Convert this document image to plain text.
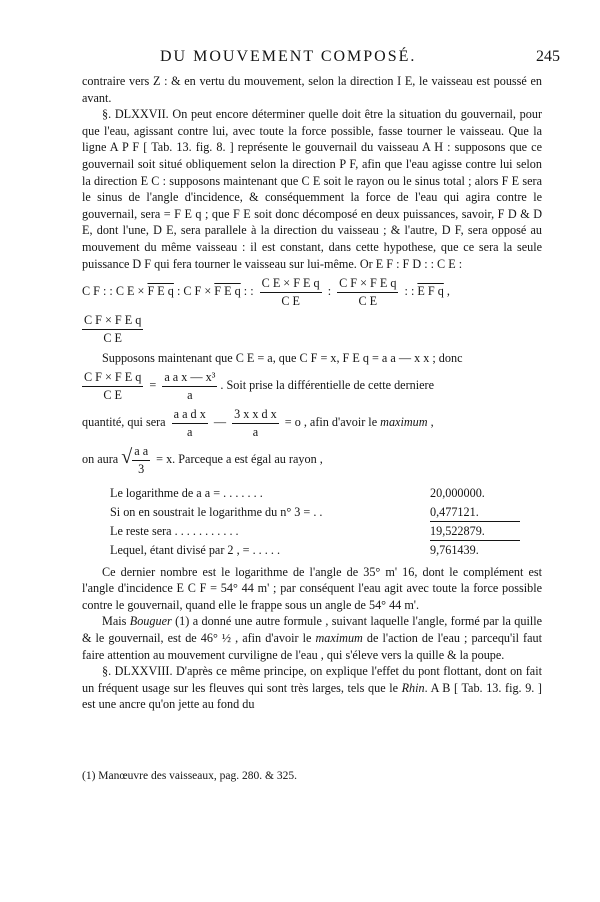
DU MOUVEMENT COMPOSÉ.	245

contraire vers Z : & en vertu du mouvement, selon la direction I E, le vaisseau est poussé en avant.

§. DLXXVII. On peut encore déterminer quelle doit être la situation du gouvernail, pour que l'eau, agissant contre lui, avec toute la force possible, fasse tourner le vaisseau. Que la ligne A P F [ Tab. 13. fig. 8. ] représente le gouvernail du vaisseau A H : supposons que ce gouvernail soit situé obliquement selon la direction P F, afin que l'eau agisse contre lui selon la direction E C : supposons maintenant que C E soit le rayon ou le sinus total ; alors F E sera le sinus de l'angle d'incidence, & conséquemment la force de l'eau qui agira contre le gouvernail, sera = F E q ; que F E soit donc décomposé en deux puissances, savoir, F D & D E, dont l'une, D E, sera parallele à la direction du vaisseau ; & l'autre, D F, sera opposé au mouvement du même vaisseau : il est constant, dans cette hypothese, que ce sera la seule puissance D F qui fera tourner le vaisseau sur lui-même. Or E F : F D : : C E :

C F : : C E × F E q : C F × F E q : : $\frac{\text{C E × F E q}}{\text{C E}}$ : $\frac{\text{C F × F E q}}{\text{C E}}$ : : E F q ,
$\frac{\text{C F × F E q}}{\text{C E}}$

Supposons maintenant que C E = a, que C F = x, F E q = a a — x x ; donc

$\frac{\text{C F × F E q}}{\text{C E}} = \frac{\text{a a x — x³}}{a}$ . Soit prise la différentielle de cette derniere
quantité, qui sera $\frac{\text{a a d x}}{a}$ — $\frac{\text{3 x x d x}}{a} = o$ , afin d'avoir le maximum ,
on aura √ $\frac{\text{a a}}{3} = x$. Parceque a est égal au rayon ,
Le logarithme de a a = . . . . . . .	20,000000.
Si on en soustrait le logarithme du n° 3 = . .	0,477121.
Le reste sera . . . . . . . . . . .	19,522879.
Lequel, étant divisé par 2 , = . . . . .	9,761439.

Ce dernier nombre est le logarithme de l'angle de 35° m' 16, dont le complément est l'angle d'incidence E C F = 54° 44 m' ; par conséquent l'eau agit avec toute la force possible contre le gouvernail, quand elle le frappe sous un angle de 54° 44 m'.

Mais Bouguer (1) a donné une autre formule , suivant laquelle l'angle, formé par la quille & le gouvernail, est de 46° ½ , afin d'avoir le maximum de l'action de l'eau ; parcequ'il faut faire attention au mouvement curviligne de l'eau , qui s'éleve vers la quille & la poupe.

§. DLXXVIII. D'après ce même principe, on explique l'effet du pont flottant, dont on fait un fréquent usage sur les fleuves qui sont très larges, tels que le Rhin. A B [ Tab. 13. fig. 9. ] est une ancre qu'on jette au fond du

(1) Manœuvre des vaisseaux, pag. 280. & 325.
